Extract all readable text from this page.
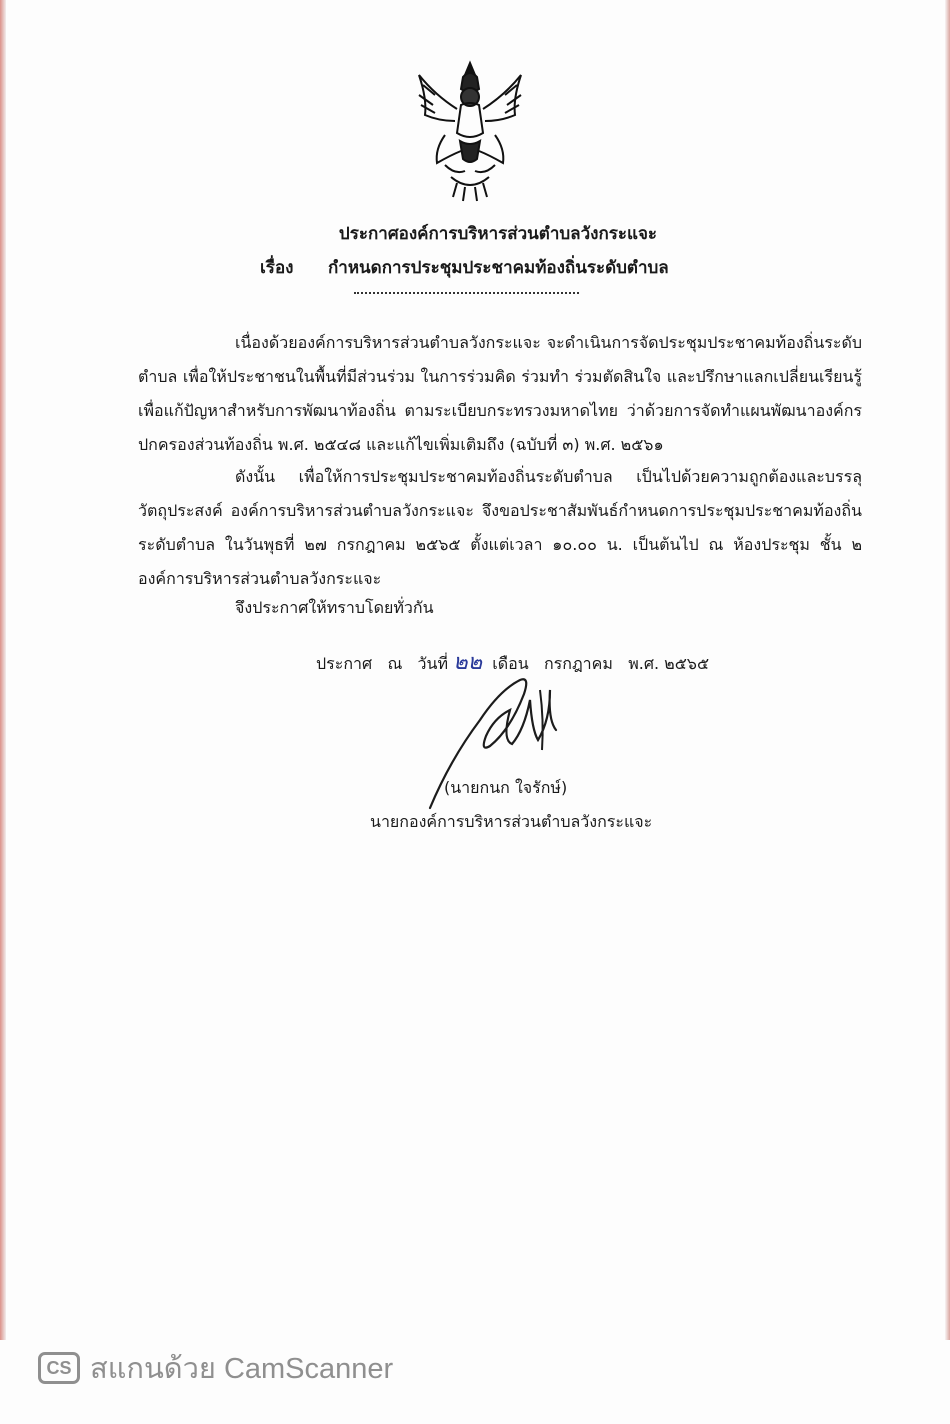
ประกาศองค์การบริหารส่วนตำบลวังกระแจะ
เรื่อง กำหนดการประชุมประชาคมท้องถิ่นระดับตำบล
เนื่องด้วยองค์การบริหารส่วนตำบลวังกระแจะ จะดำเนินการจัดประชุมประชาคมท้องถิ่นระดับตำบล เพื่อให้ประชาชนในพื้นที่มีส่วนร่วม ในการร่วมคิด ร่วมทำ ร่วมตัดสินใจ และปรึกษาแลกเปลี่ยนเรียนรู้ เพื่อแก้ปัญหาสำหรับการพัฒนาท้องถิ่น ตามระเบียบกระทรวงมหาดไทย ว่าด้วยการจัดทำแผนพัฒนาองค์กรปกครองส่วนท้องถิ่น พ.ศ. ๒๕๔๘ และแก้ไขเพิ่มเติมถึง (ฉบับที่ ๓) พ.ศ. ๒๕๖๑
ดังนั้น เพื่อให้การประชุมประชาคมท้องถิ่นระดับตำบล เป็นไปด้วยความถูกต้องและบรรลุวัตถุประสงค์ องค์การบริหารส่วนตำบลวังกระแจะ จึงขอประชาสัมพันธ์กำหนดการประชุมประชาคมท้องถิ่นระดับตำบล ในวันพุธที่ ๒๗ กรกฎาคม ๒๕๖๕ ตั้งแต่เวลา ๑๐.๐๐ น. เป็นต้นไป ณ ห้องประชุม ชั้น ๒ องค์การบริหารส่วนตำบลวังกระแจะ
จึงประกาศให้ทราบโดยทั่วกัน
ประกาศ ณ วันที่ ๒๒ เดือน กรกฎาคม พ.ศ. ๒๕๖๕
(นายกนก ใจรักษ์)
นายกองค์การบริหารส่วนตำบลวังกระแจะ
CS สแกนด้วย CamScanner
